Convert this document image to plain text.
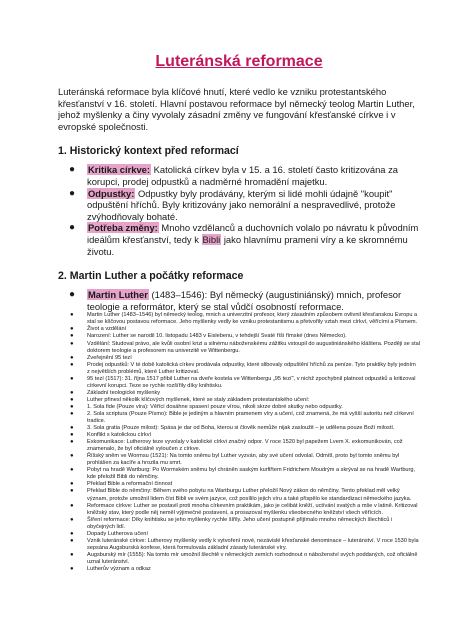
Luteránská reformace

Luteránská reformace byla klíčové hnutí, které vedlo ke vzniku protestantského křesťanství v 16. století. Hlavní postavou reformace byl německý teolog Martin Luther, jehož myšlenky a činy vyvolaly zásadní změny ve fungování křesťanské církve i v evropské společnosti.

1. Historický kontext před reformací
● Kritika církve: Katolická církev byla v 15. a 16. století často kritizována za korupci, prodej odpustků a nadměrné hromadění majetku.
● Odpustky: Odpustky byly prodávány, kterým si lidé mohli údajně "koupit" odpuštění hříchů. Byly kritizovány jako nemorální a nespravedlivé, protože zvýhodňovaly bohaté.
● Potřeba změny: Mnoho vzdělanců a duchovních volalo po návratu k původním ideálům křesťanství, tedy k Bibli jako hlavnímu prameni víry a ke skromnému životu.
2. Martin Luther a počátky reformace
● Martin Luther (1483–1546): Byl německý (augustiniánský) mnich, profesor teologie a reformátor, který se stal vůdčí osobností reformace.
● Martin Luther (1483–1546) byl německý teolog, mnich a univerzitní profesor, který zásadním způsobem ovlivnil křesťanskou Evropu a stal se klíčovou postavou reformace. Jeho myšlenky vedly ke vzniku protestantismu a přetvořily vztah mezi církví, věřícími a Písmem.
● Život a vzdělání
● Narození: Luther se narodil 10. listopadu 1483 v Eislebenu, v tehdejší Svaté říši římské (dnes Německo).
● Vzdělání: Studoval právo, ale kvůli osobní krizi a silnému náboženskému zážitku vstoupil do augustiniánského kláštera. Později se stal doktorem teologie a profesorem na univerzitě ve Wittenbergu.
● Zveřejnění 95 tezí
● Prodej odpustků: V té době katolická církev prodávala odpustky, které slibovaly odpuštění hříchů za peníze. Tyto praktiky byly jedním z největších problémů, které Luther kritizoval.
● 95 tezí (1517): 31. října 1517 přibil Luther na dveře kostela ve Wittenbergu „95 tezí", v nichž zpochybnil platnost odpustků a kritizoval církevní korupci. Teze se rychle rozšířily díky knihtisku.
● Základní teologické myšlenky
● Luther přinesl několik klíčových myšlenek, které se staly základem protestantského učení:
● 1. Sola fide (Pouze víra): Věřící dosáhne spasení pouze vírou, nikoli skrze dobré skutky nebo odpustky.
● 2. Sola scriptura (Pouze Písmo): Bible je jediným a hlavním pramenem víry a učení, což znamená, že má vyšší autoritu než církevní tradice.
● 3. Sola gratia (Pouze milost): Spása je dar od Boha, kterou si člověk nemůže nijak zasloužit – je udělena pouze Boží milostí.
● Konflikt s katolickou církví
● Exkomunikace: Lutherovy teze vyvolaly v katolické církvi značný odpor. V roce 1520 byl papežem Lvem X. exkomunikován, což znamenalo, že byl oficiálně vyloučen z církve.
● Říšský sněm ve Wormsu (1521): Na tomto sněmu byl Luther vyzván, aby své učení odvolal. Odmítl, proto byl tomto sněmu byl prohlášen za kacíře a hrozila mu smrt.
● Pobyt na hradě Wartburg: Po Wormském sněmu byl chráněn saským kurfiřtem Fridrichem Moudrým a skrýval se na hradě Wartburg, kde přeložil Bibli do němčiny.
● Překlad Bible a reformační činnost
● Překlad Bible do němčiny: Během svého pobytu na Wartburgu Luther přeložil Nový zákon do němčiny. Tento překlad měl velký význam, protože umožnil lidem číst Bibli ve svém jazyce, což posílilo jejich víru a také přispělo ke standardizaci německého jazyka.
● Reformace církve: Luther se postavil proti mnoha církevním praktikám, jako je celibát kněží, uctívání svatých a mše v latině. Kritizoval kněžský stav, který podle něj neměl výjimečné postavení, a prosazoval myšlenku všeobecného kněžství všech věřících.
● Šíření reformace: Díky knihtisku se jeho myšlenky rychle šířily. Jeho učení postupně přijímalo mnoho německých šlechticů i obyčejných lidí.
● Dopady Lutherova učení
● Vznik luteránské církve: Lutherovy myšlenky vedly k vytvoření nové, nezávislé křesťanské denominace – luteránství. V roce 1530 byla sepsána Augsburská konfese, která formulovala základní zásady luteránské víry.
● Augsburský mír (1555): Na tomto mír umožnil šlechtě v německých zemích rozhodnout o náboženství svých poddaných, což oficiálně uznal luteránství.
● Lutherův význam a odkaz
